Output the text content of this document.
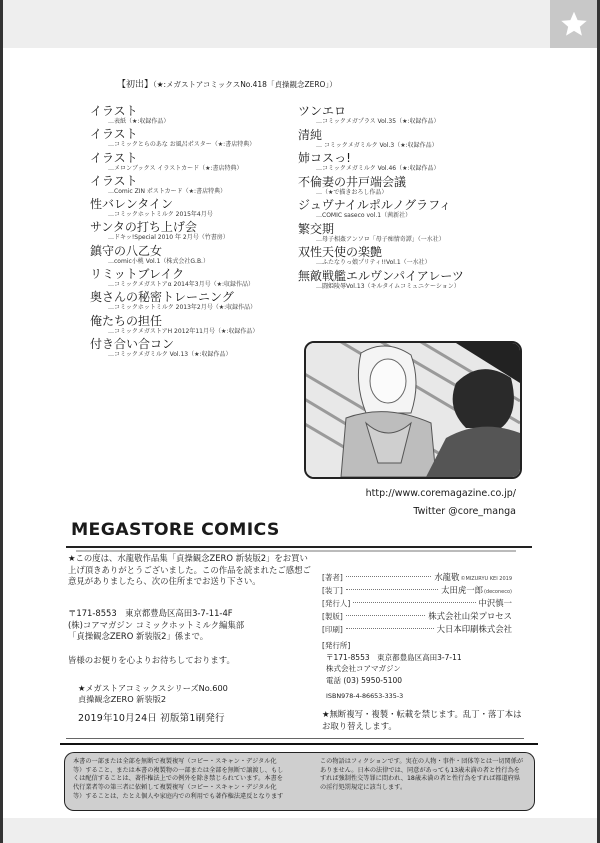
【初出】（★:メガストアコミックスNo.418「貞操観念ZERO」）
イラスト
…表紙（★:収録作品）
イラスト
…コミックとらのあな お風呂ポスター（★:書店特典）
イラスト
…メロンブックス イラストカード（★:書店特典）
イラスト
…Comic ZIN ポストカード（★:書店特典）
性バレンタイン
…コミックホットミルク 2015年4月号
サンタの打ち上げ会
…ドキッ!Special 2010 年 2月号（竹書房）
鎮守の八乙女
…comic小桃 Vol.1（株式会社G.B.）
リミットブレイク
…コミックメガストアα 2014年3月号（★:収録作品）
奥さんの秘密トレーニング
…コミックホットミルク 2013年2月号（★:収録作品）
俺たちの担任
…コミックメガストアH 2012年11月号（★:収録作品）
付き合い合コン
…コミックメガミルク Vol.13（★:収録作品）
ツンエロ
…コミックメガプラス Vol.35（★:収録作品）
清純
… コミックメガミルク Vol.3（★:収録作品）
姉コスっ!
…コミックメガミルク Vol.46（★:収録作品）
不倫妻の井戸端会議
…（★で描きおろし作品）
ジュヴナイルポルノグラフィ
…COMIC saseco vol.1（茜新社）
繁交期
…母子相姦アンソロ「母子痴情奇譚」（一水社）
双性天使の楽艶
…ふたなりっ娘プリティ!!Vol.1（一水社）
無敵戦艦エルヴンパイアレーツ
…闘姫陵辱Vol.13（キルタイムコミュニケーション）
http://www.coremagazine.co.jp/
Twitter @core_manga
MEGASTORE COMICS
★この度は、水龍敬作品集「貞操観念ZERO 新装版2」をお買い上げ頂きありがとうございました。この作品を読まれたご感想ご意見がありましたら、次の住所までお送り下さい。
〒171-8553　東京都豊島区高田3-7-11-4F
(株)コアマガジン コミックホットミルク編集部
「貞操観念ZERO 新装版2」係まで。
皆様のお便りを心よりお待ちしております。
★メガストアコミックスシリーズNo.600
貞操観念ZERO 新装版2
2019年10月24日 初版第1刷発行
[著者]	水龍敬 ©MIZURYU KEI 2019
[装丁]	太田虎一郎 (deconeco)
[発行人]	中沢慎一
[製版]	株式会社山栄プロセス
[印刷]	大日本印刷株式会社
[発行所]
〒171-8553　東京都豊島区高田3-7-11
株式会社コアマガジン
電話 (03) 5950-5100
ISBN978-4-86653-335-3
★無断複写・複製・転載を禁じます。乱丁・落丁本はお取り替えします。
本書の一部または全部を無断で複製複写（コピー・スキャン・デジタル化等）すること、または本書の複製物の一部または全部を無断で譲渡し、もしくは配信することは、著作権法上での例外を除き禁じられています。本書を代行業者等の第三者に依頼して複製複写（コピー・スキャン・デジタル化等）することは、たとえ個人や家庭内での利用でも著作権法違反となります
この物語はフィクションです。実在の人物・事件・団体等とは一切関係がありません。日本の法律では、同意があっても13歳未満の者と性行為をすれば強制性交等罪に問われ、18歳未満の者と性行為をすれば都道府県の淫行処罰規定に該当します。
